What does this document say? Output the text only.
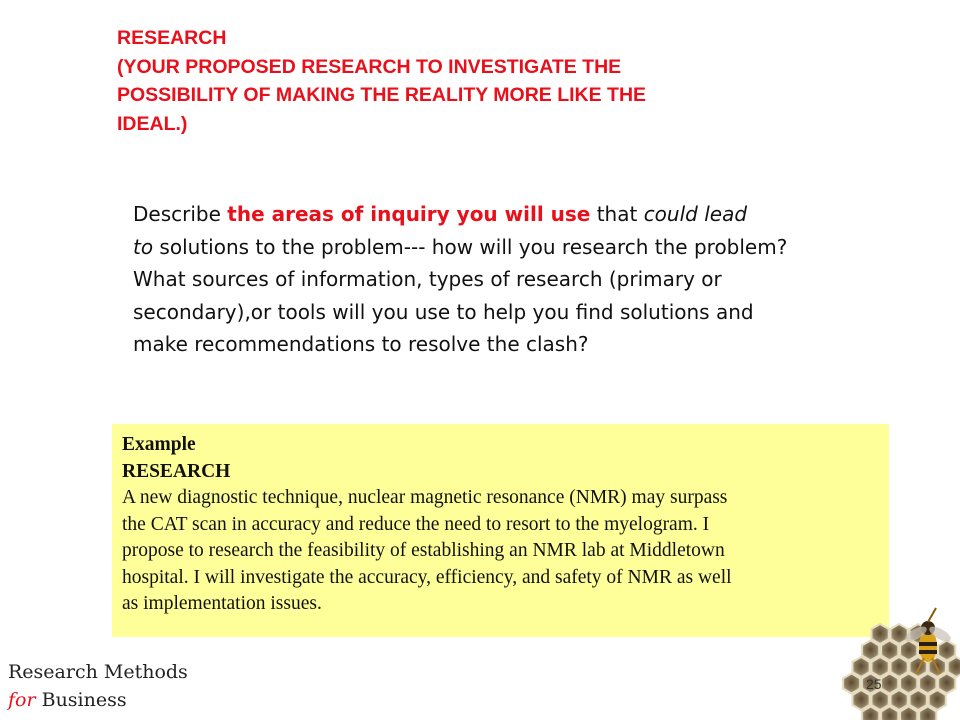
RESEARCH
(YOUR PROPOSED RESEARCH TO INVESTIGATE THE
POSSIBILITY OF MAKING THE REALITY MORE LIKE THE
IDEAL.)
Describe the areas of inquiry you will use that could lead
to solutions to the problem--- how will you research the problem?
What sources of information, types of research (primary or
secondary),or tools will you use to help you find solutions and
make recommendations to resolve the clash?
Example
RESEARCH
A new diagnostic technique, nuclear magnetic resonance (NMR) may surpass
the CAT scan in accuracy and reduce the need to resort to the myelogram. I
propose to research the feasibility of establishing an NMR lab at Middletown
hospital. I will investigate the accuracy, efficiency, and safety of NMR as well
as implementation issues.
Research Methods
for Business
25
